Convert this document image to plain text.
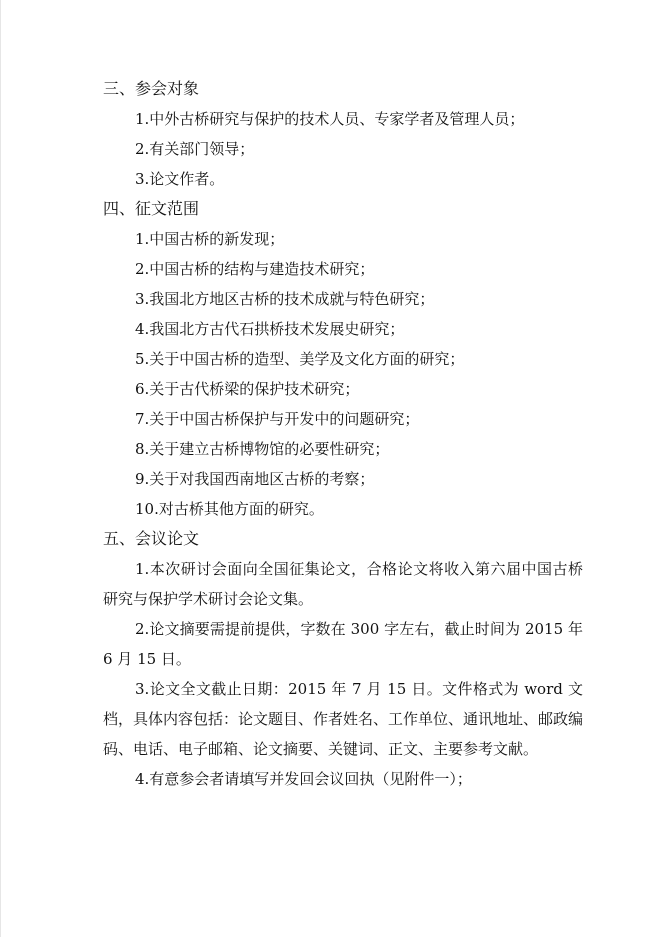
三、参会对象
1.中外古桥研究与保护的技术人员、专家学者及管理人员；
2.有关部门领导；
3.论文作者。
四、征文范围
1.中国古桥的新发现；
2.中国古桥的结构与建造技术研究；
3.我国北方地区古桥的技术成就与特色研究；
4.我国北方古代石拱桥技术发展史研究；
5.关于中国古桥的造型、美学及文化方面的研究；
6.关于古代桥梁的保护技术研究；
7.关于中国古桥保护与开发中的问题研究；
8.关于建立古桥博物馆的必要性研究；
9.关于对我国西南地区古桥的考察；
10.对古桥其他方面的研究。
五、会议论文
1.本次研讨会面向全国征集论文，合格论文将收入第六届中国古桥研究与保护学术研讨会论文集。
2.论文摘要需提前提供，字数在 300 字左右，截止时间为 2015 年 6 月 15 日。
3.论文全文截止日期：2015 年 7 月 15 日。文件格式为 word 文档，具体内容包括：论文题目、作者姓名、工作单位、通讯地址、邮政编码、电话、电子邮箱、论文摘要、关键词、正文、主要参考文献。
4.有意参会者请填写并发回会议回执（见附件一）；
